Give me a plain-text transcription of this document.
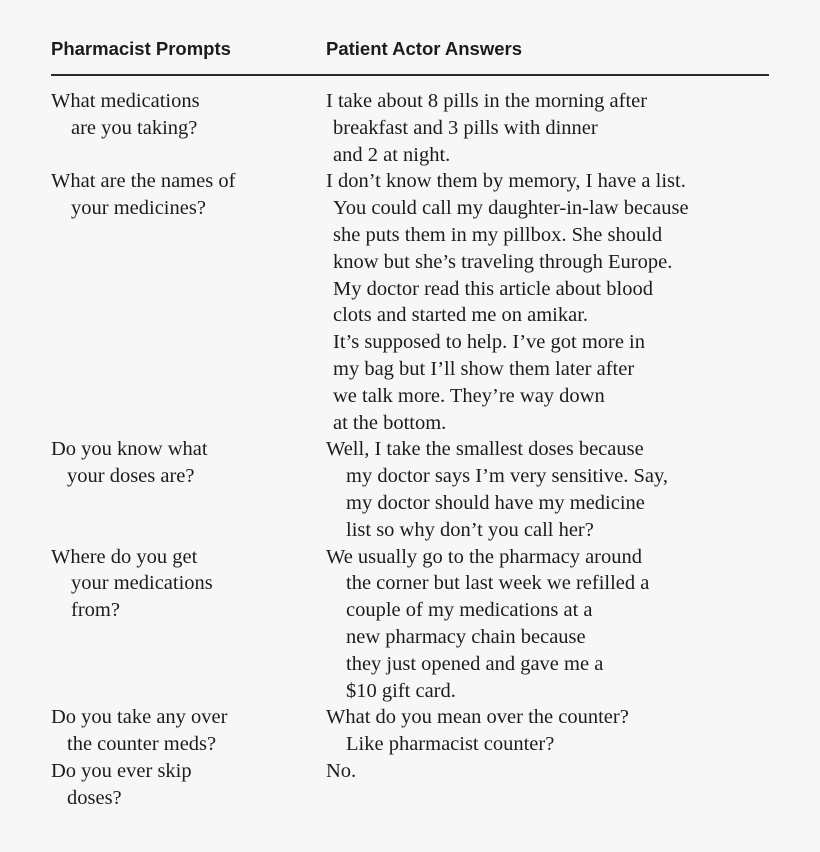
Pharmacist Prompts	Patient Actor Answers
What medications
are you taking?
I take about 8 pills in the morning after
breakfast and 3 pills with dinner
and 2 at night.
What are the names of
your medicines?
I don’t know them by memory, I have a list.
You could call my daughter-in-law because
she puts them in my pillbox. She should
know but she’s traveling through Europe.
My doctor read this article about blood
clots and started me on amikar.
It’s supposed to help. I’ve got more in
my bag but I’ll show them later after
we talk more. They’re way down
at the bottom.
Do you know what
your doses are?
Well, I take the smallest doses because
my doctor says I’m very sensitive. Say,
my doctor should have my medicine
list so why don’t you call her?
Where do you get
your medications
from?
We usually go to the pharmacy around
the corner but last week we refilled a
couple of my medications at a
new pharmacy chain because
they just opened and gave me a
$10 gift card.
Do you take any over
the counter meds?
What do you mean over the counter?
Like pharmacist counter?
Do you ever skip
doses?
No.
